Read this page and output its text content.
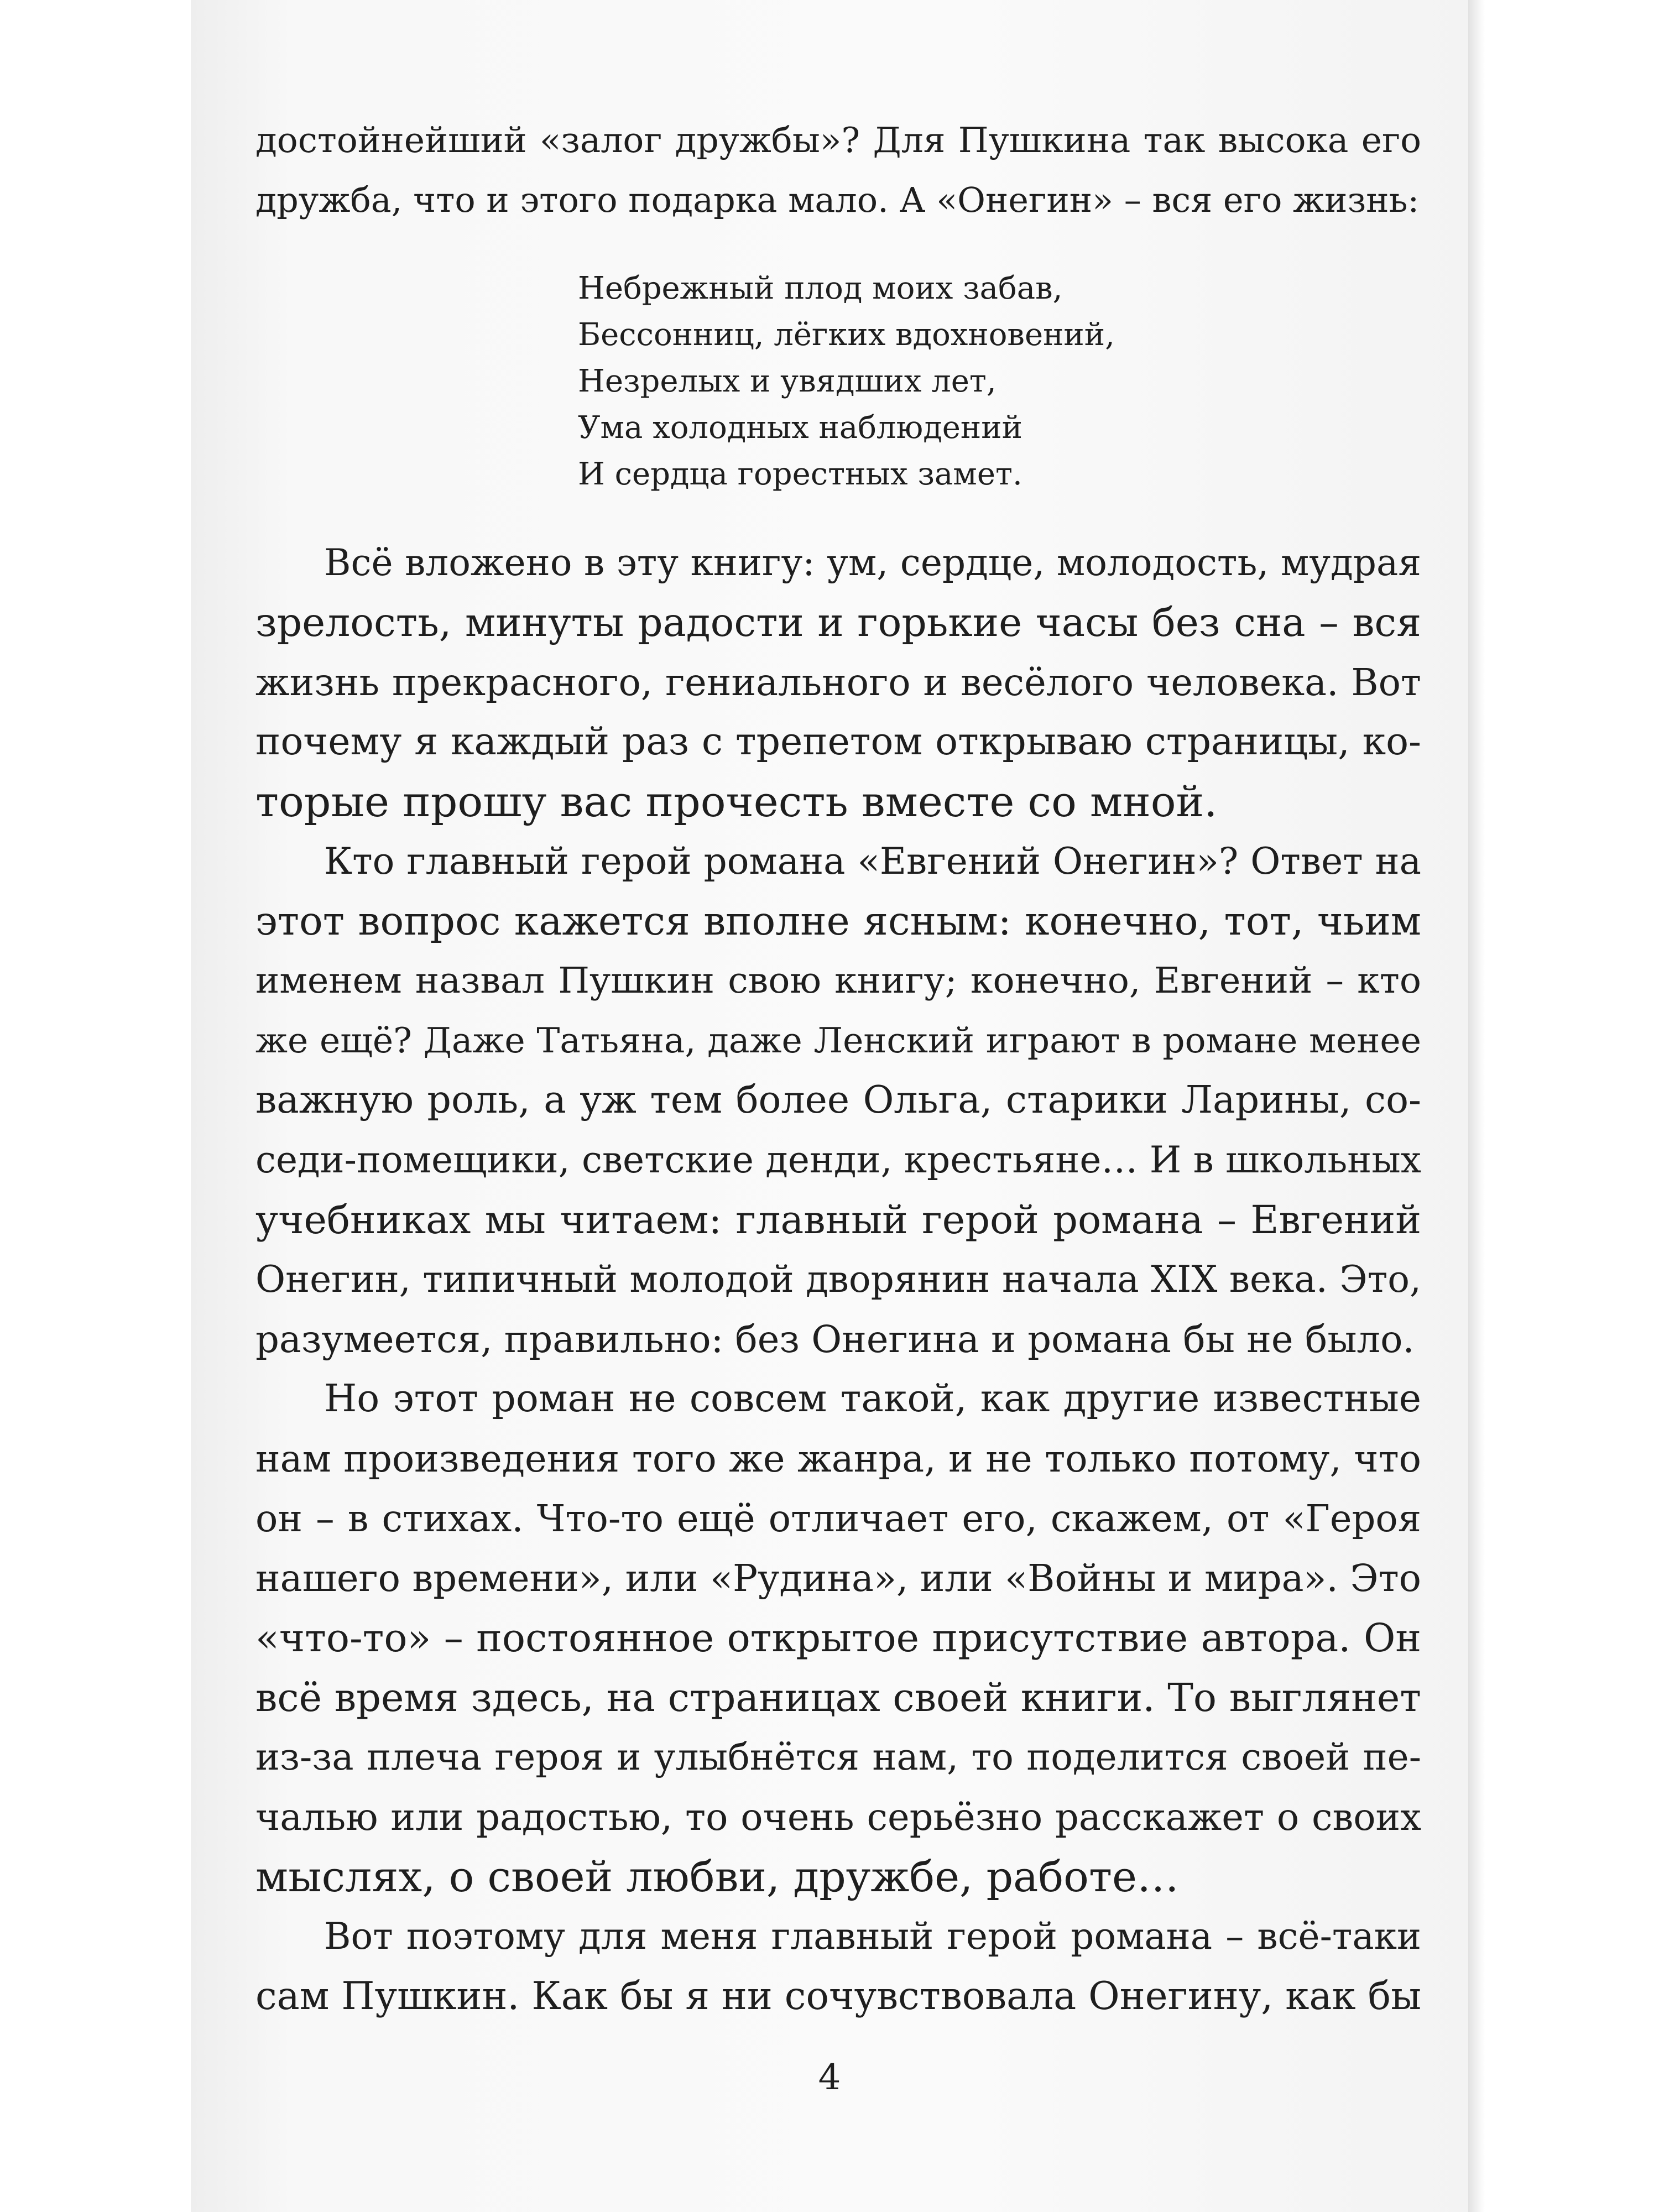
достойнейший «залог дружбы»? Для Пушкина так высока его
дружба, что и этого подарка мало. А «Онегин» – вся его жизнь:
Небрежный плод моих забав,
Бессонниц, лёгких вдохновений,
Незрелых и увядших лет,
Ума холодных наблюдений
И сердца горестных замет.
Всё вложено в эту книгу: ум, сердце, молодость, мудрая
зрелость, минуты радости и горькие часы без сна – вся
жизнь прекрасного, гениального и весёлого человека. Вот
почему я каждый раз с трепетом открываю страницы, ко-
торые прошу вас прочесть вместе со мной.
Кто главный герой романа «Евгений Онегин»? Ответ на
этот вопрос кажется вполне ясным: конечно, тот, чьим
именем назвал Пушкин свою книгу; конечно, Евгений – кто
же ещё? Даже Татьяна, даже Ленский играют в романе менее
важную роль, а уж тем более Ольга, старики Ларины, со-
седи-помещики, светские денди, крестьяне… И в школьных
учебниках мы читаем: главный герой романа – Евгений
Онегин, типичный молодой дворянин начала XIX века. Это,
разумеется, правильно: без Онегина и романа бы не было.
Но этот роман не совсем такой, как другие известные
нам произведения того же жанра, и не только потому, что
он – в стихах. Что-то ещё отличает его, скажем, от «Героя
нашего времени», или «Рудина», или «Войны и мира». Это
«что-то» – постоянное открытое присутствие автора. Он
всё время здесь, на страницах своей книги. То выглянет
из-за плеча героя и улыбнётся нам, то поделится своей пе-
чалью или радостью, то очень серьёзно расскажет о своих
мыслях, о своей любви, дружбе, работе…
Вот поэтому для меня главный герой романа – всё-таки
сам Пушкин. Как бы я ни сочувствовала Онегину, как бы
4
